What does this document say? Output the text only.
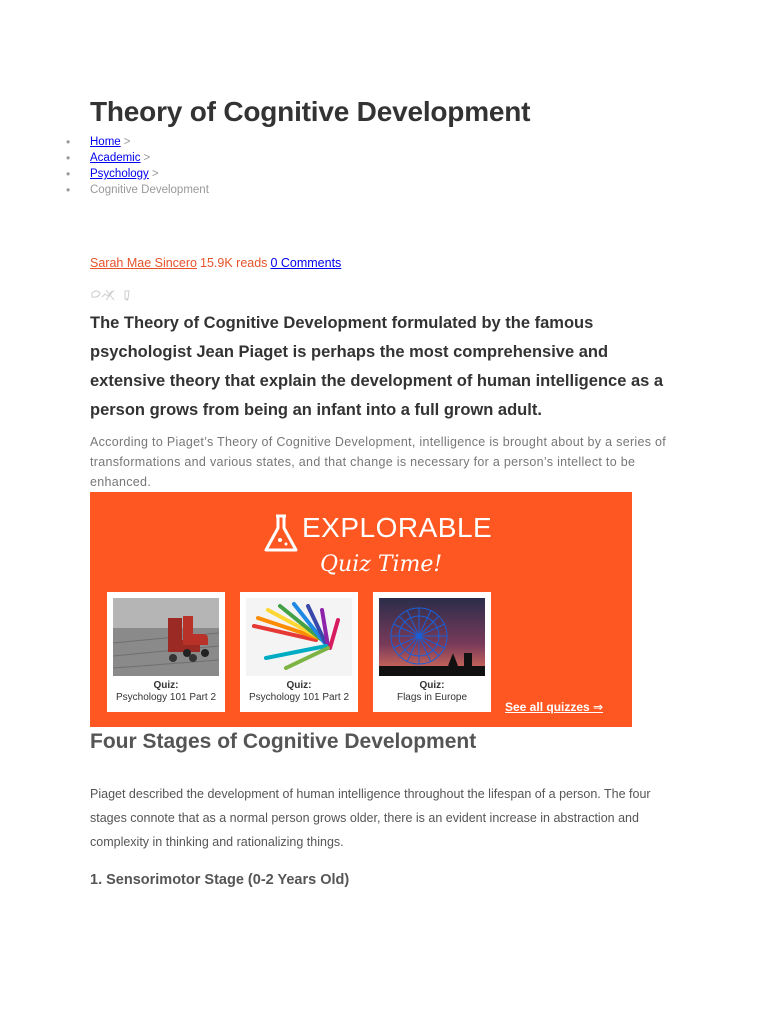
Theory of Cognitive Development
• Home >
• Academic >
• Psychology >
• Cognitive Development
Sarah Mae Sincero 15.9K reads 0 Comments

The Theory of Cognitive Development formulated by the famous psychologist Jean Piaget is perhaps the most comprehensive and extensive theory that explain the development of human intelligence as a person grows from being an infant into a full grown adult.

According to Piaget’s Theory of Cognitive Development, intelligence is brought about by a series of transformations and various states, and that change is necessary for a person’s intellect to be enhanced.

EXPLORABLE
Quiz Time!
Quiz:
Psychology 101 Part 2
Quiz:
Psychology 101 Part 2
Quiz:
Flags in Europe
See all quizzes ⇒
Four Stages of Cognitive Development

Piaget described the development of human intelligence throughout the lifespan of a person. The four stages connote that as a normal person grows older, there is an evident increase in abstraction and complexity in thinking and rationalizing things.

1. Sensorimotor Stage (0-2 Years Old)
